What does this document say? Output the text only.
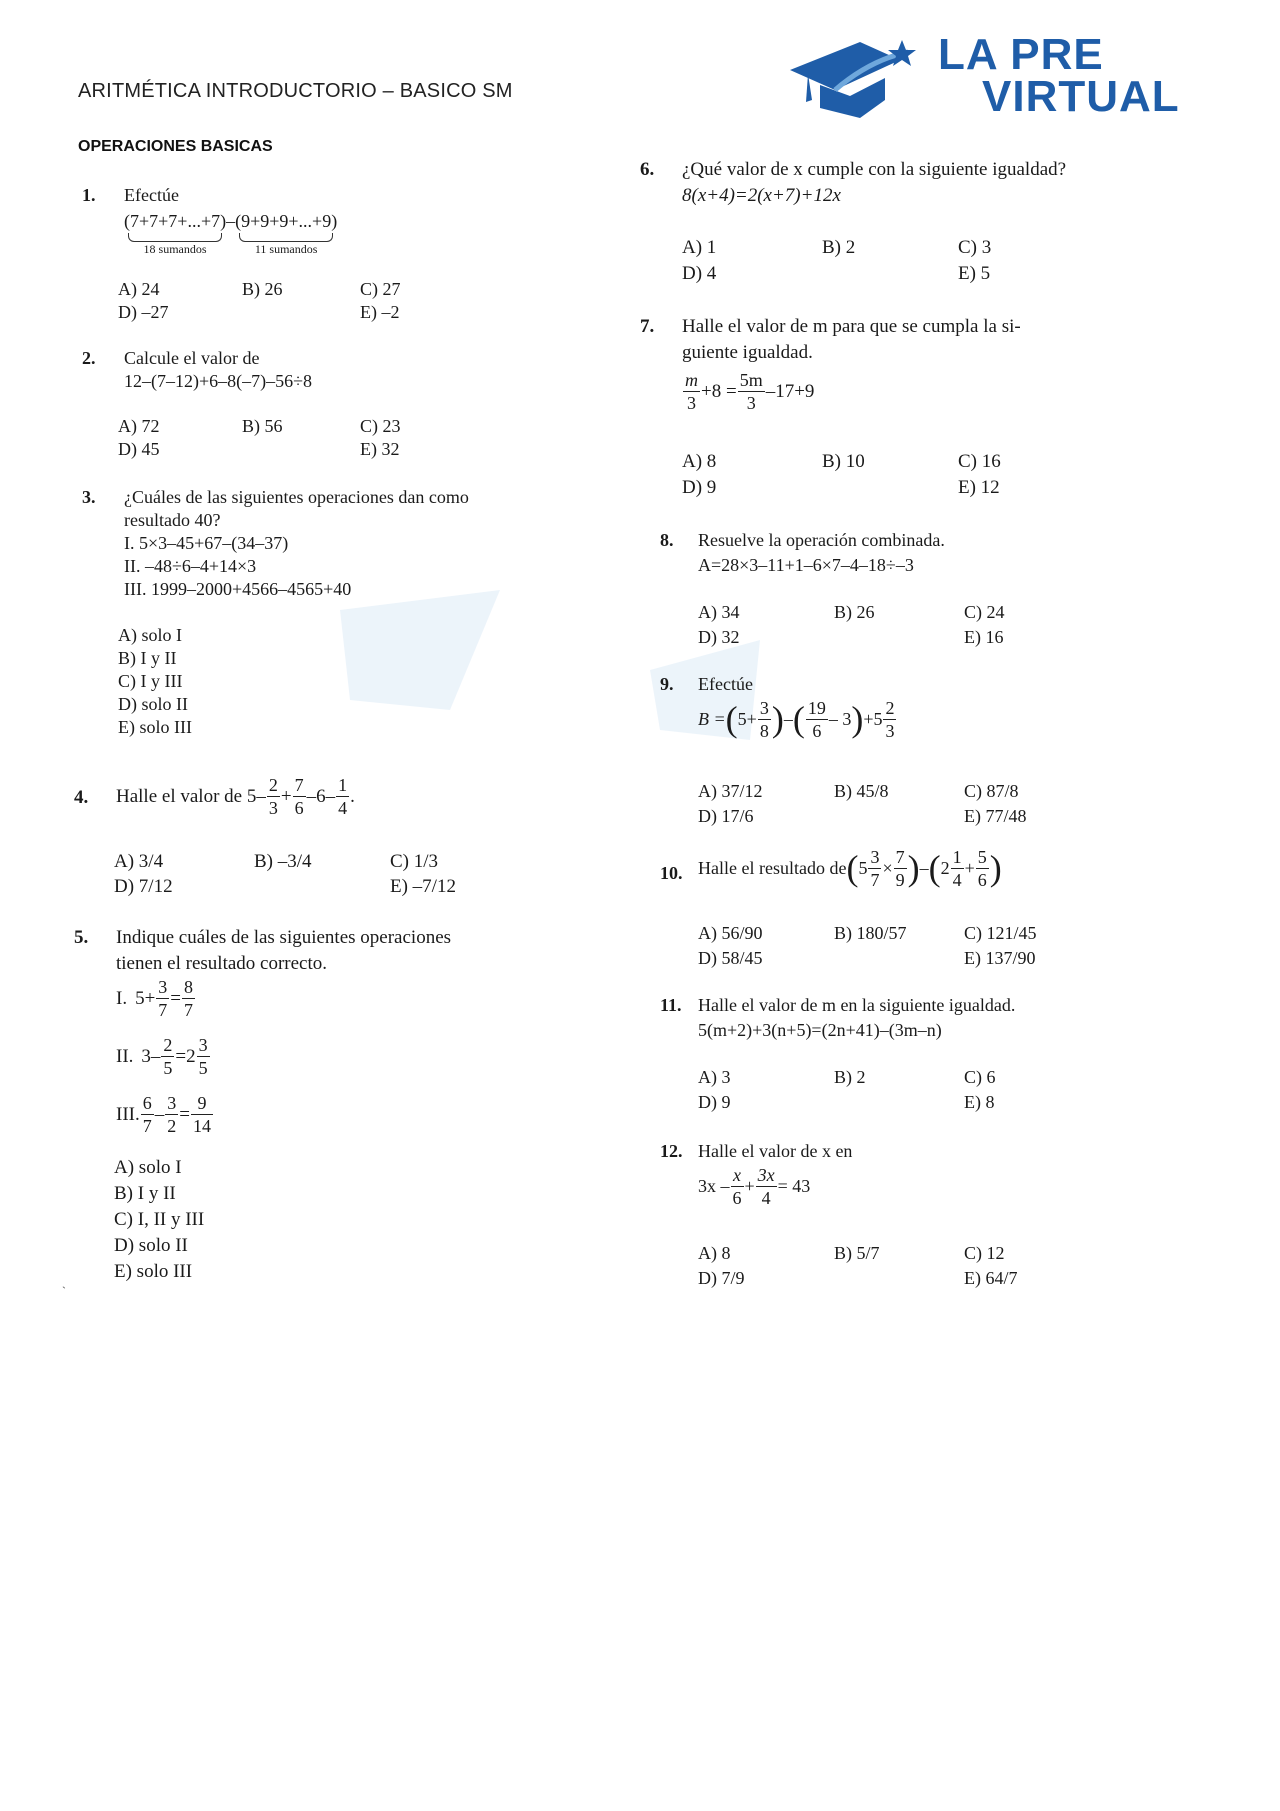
ARITMÉTICA INTRODUCTORIO – BASICO SM
OPERACIONES BASICAS
LA PRE
VIRTUAL
1. Efectúe
(7+7+7+...+7)
18 sumandos
–(9+9+9+...+9)
11 sumandos
A) 24	B) 26	C) 27
D) –27	E) –2
2. Calcule el valor de
12–(7–12)+6–8(–7)–56÷8
A) 72	B) 56	C) 23
D) 45	E) 32
3. ¿Cuáles de las siguientes operaciones dan como
resultado 40?
I. 5×3–45+67–(34–37)
II. –48÷6–4+14×3
III. 1999–2000+4566–4565+40
A) solo I
B) I y II
C) I y III
D) solo II
E) solo III
4. Halle el valor de $5- \frac{2}{3} + \frac{7}{6} -6- \frac{1}{4}$ .
A) 3/4	B) –3/4	C) 1/3
D) 7/12	E) –7/12
5. Indique cuáles de las siguientes operaciones
tienen el resultado correcto.
I. $5+ \frac{3}{7} = \frac{8}{7}$
II. $3- \frac{2}{5} =2 \frac{3}{5}$
III. $\frac{6}{7} - \frac{3}{2} = \frac{9}{14}$
A) solo I
B) I y II
C) I, II y III
D) solo II
E) solo III
`
6. ¿Qué valor de x cumple con la siguiente igualdad?
8(x+4)=2(x+7)+12x
A) 1	B) 2	C) 3
D) 4	E) 5
7. Halle el valor de m para que se cumpla la si-
guiente igualdad.
$\frac{m}{3} +8 = \frac{5m}{3} -17+9$
A) 8	B) 10	C) 16
D) 9	E) 12
8. Resuelve la operación combinada.
A=28×3–11+1–6×7–4–18÷–3
A) 34	B) 26	C) 24
D) 32	E) 16
9. Efectúe
$B =(5+ \frac{3}{8}$ )–( $\frac{19}{6} - 3)+5 \frac{2}{3}$
A) 37/12	B) 45/8	C) 87/8
D) 17/6	E) 77/48
10. Halle el resultado $de(5 \frac{3}{7} \times \frac{7}{9} )-(2 \frac{1}{4} + \frac{5}{6}$ )
A) 56/90	B) 180/57	C) 121/45
D) 58/45	E) 137/90
11. Halle el valor de m en la siguiente igualdad.
5(m+2)+3(n+5)=(2n+41)–(3m–n)
A) 3	B) 2	C) 6
D) 9	E) 8
12. Halle el valor de x en
$3x - \frac{x}{6} + \frac{3x}{4} = 43$
A) 8	B) 5/7	C) 12
D) 7/9	E) 64/7
